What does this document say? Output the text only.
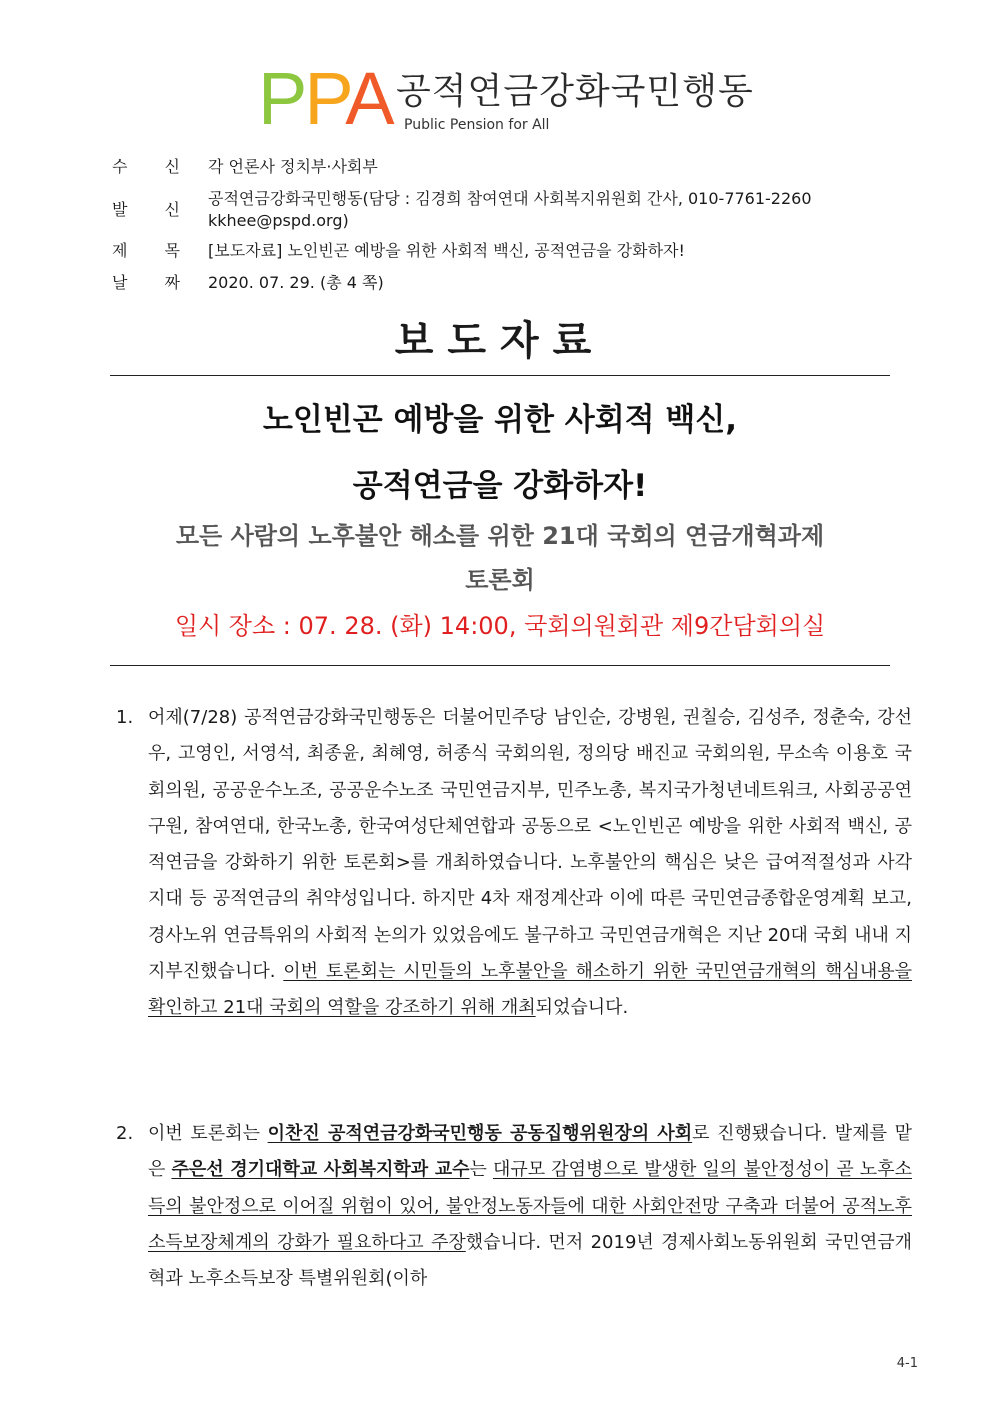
PPA 공적연금강화국민행동
Public Pension for All
수 신 각 언론사 정치부·사회부
발 신
공적연금강화국민행동(담당 : 김경희 참여연대 사회복지위원회 간사, 010-7761-2260 kkhee@pspd.org)
제 목 [보도자료] 노인빈곤 예방을 위한 사회적 백신, 공적연금을 강화하자!
날 짜 2020. 07. 29. (총 4 쪽)
보도자료
노인빈곤 예방을 위한 사회적 백신,
공적연금을 강화하자!
모든 사람의 노후불안 해소를 위한 21대 국회의 연금개혁과제
토론회
일시 장소 : 07. 28. (화) 14:00, 국회의원회관 제9간담회의실
1. 어제(7/28) 공적연금강화국민행동은 더불어민주당 남인순, 강병원, 권칠승, 김성주, 정춘숙, 강선우, 고영인, 서영석, 최종윤, 최혜영, 허종식 국회의원, 정의당 배진교 국회의원, 무소속 이용호 국회의원, 공공운수노조, 공공운수노조 국민연금지부, 민주노총, 복지국가청년네트워크, 사회공공연구원, 참여연대, 한국노총, 한국여성단체연합과 공동으로 <노인빈곤 예방을 위한 사회적 백신, 공적연금을 강화하기 위한 토론회>를 개최하였습니다. 노후불안의 핵심은 낮은 급여적절성과 사각지대 등 공적연금의 취약성입니다. 하지만 4차 재정계산과 이에 따른 국민연금종합운영계획 보고, 경사노위 연금특위의 사회적 논의가 있었음에도 불구하고 국민연금개혁은 지난 20대 국회 내내 지지부진했습니다. 이번 토론회는 시민들의 노후불안을 해소하기 위한 국민연금개혁의 핵심내용을 확인하고 21대 국회의 역할을 강조하기 위해 개최되었습니다.
2. 이번 토론회는 이찬진 공적연금강화국민행동 공동집행위원장의 사회로 진행됐습니다. 발제를 맡은 주은선 경기대학교 사회복지학과 교수는 대규모 감염병으로 발생한 일의 불안정성이 곧 노후소득의 불안정으로 이어질 위험이 있어, 불안정노동자들에 대한 사회안전망 구축과 더불어 공적노후소득보장체계의 강화가 필요하다고 주장했습니다. 먼저 2019년 경제사회노동위원회 국민연금개혁과 노후소득보장 특별위원회(이하
4-1
